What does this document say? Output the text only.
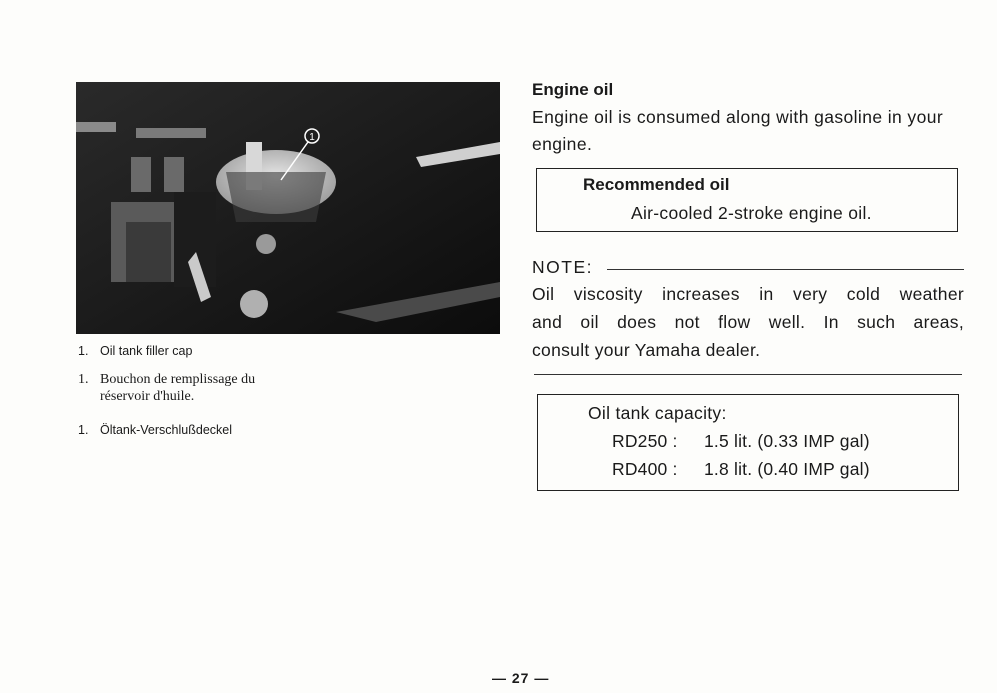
1
1. Oil tank filler cap
1. Bouchon de remplissage du
réservoir d'huile.
1. Öltank-Verschlußdeckel
Engine oil
Engine oil is consumed along with gasoline in your engine.
Recommended oil
Air-cooled 2-stroke engine oil.
NOTE:
Oil viscosity increases in very cold weather
and oil does not flow well. In such areas,
consult your Yamaha dealer.
Oil tank capacity:
RD250 : 1.5 lit. (0.33 IMP gal)
RD400 : 1.8 lit. (0.40 IMP gal)
— 27 —
